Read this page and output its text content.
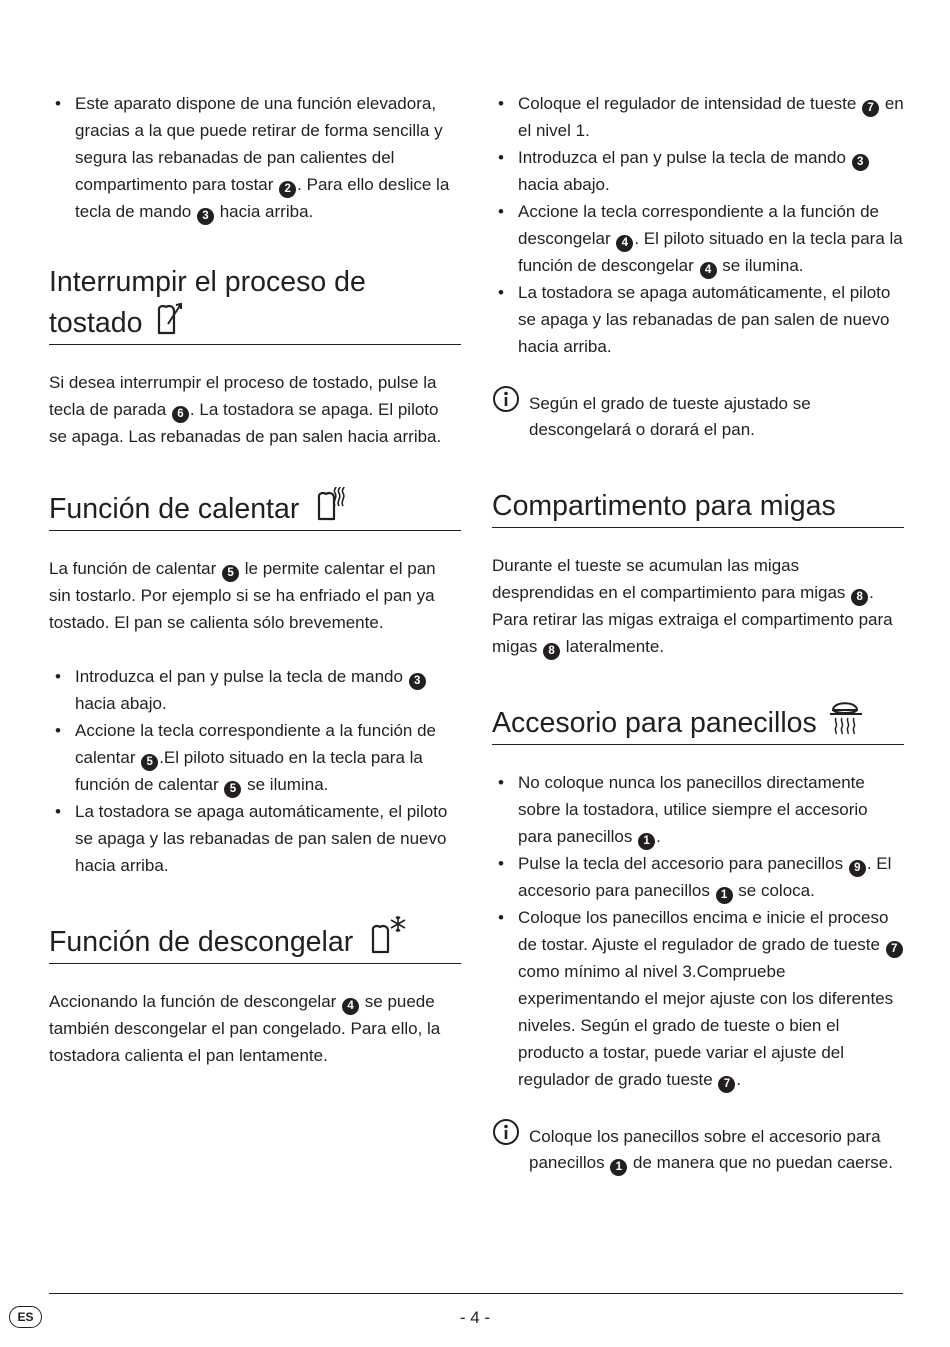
• Este aparato dispone de una función elevadora, gracias a la que puede retirar de forma sencilla y segura las rebanadas de pan calientes del compartimento para tostar 2 . Para ello deslice la tecla de mando 3 hacia arriba.
Interrumpir el proceso de
tostado

Si desea interrumpir el proceso de tostado, pulse la tecla de parada 6 . La tostadora se apaga. El piloto se apaga. Las rebanadas de pan salen hacia arriba.

Función de calentar

La función de calentar 5 le permite calentar el pan sin tostarlo. Por ejemplo si se ha enfriado el pan ya tostado. El pan se calienta sólo brevemente.

• Introduzca el pan y pulse la tecla de mando 3 hacia abajo.
• Accione la tecla correspondiente a la función de calentar 5 .El piloto situado en la tecla para la función de calentar 5 se ilumina.
• La tostadora se apaga automáticamente, el piloto se apaga y las rebanadas de pan salen de nuevo hacia arriba.
Función de descongelar

Accionando la función de descongelar 4 se puede también descongelar el pan congelado. Para ello, la tostadora calienta el pan lentamente.

• Coloque el regulador de intensidad de tueste 7 en el nivel 1.
• Introduzca el pan y pulse la tecla de mando 3 hacia abajo.
• Accione la tecla correspondiente a la función de descongelar 4 . El piloto situado en la tecla para la función de descongelar 4 se ilumina.
• La tostadora se apaga automáticamente, el piloto se apaga y las rebanadas de pan salen de nuevo hacia arriba.

Según el grado de tueste ajustado se descongelará o dorará el pan.

Compartimento para migas

Durante el tueste se acumulan las migas desprendidas en el compartimiento para migas 8 . Para retirar las migas extraiga el compartimento para migas 8 lateralmente.

Accesorio para panecillos
• No coloque nunca los panecillos directamente sobre la tostadora, utilice siempre el accesorio para panecillos 1 .
• Pulse la tecla del accesorio para panecillos 9 . El accesorio para panecillos 1 se coloca.
• Coloque los panecillos encima e inicie el proceso de tostar. Ajuste el regulador de grado de tueste 7 como mínimo al nivel 3.Compruebe experimentando el mejor ajuste con los diferentes niveles. Según el grado de tueste o bien el producto a tostar, puede variar el ajuste del regulador de grado tueste 7 .

Coloque los panecillos sobre el accesorio para panecillos 1 de manera que no puedan caerse.

ES	- 4 -
